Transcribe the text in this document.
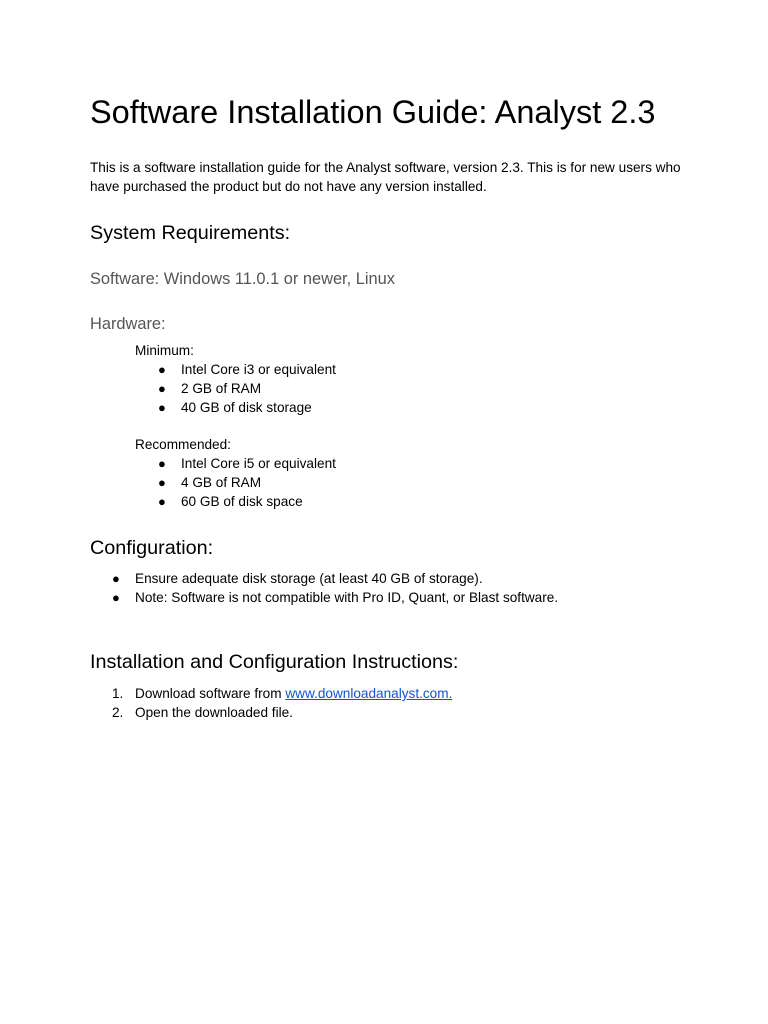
Software Installation Guide: Analyst 2.3

This is a software installation guide for the Analyst software, version 2.3. This is for new users who have purchased the product but do not have any version installed.

System Requirements:
Software: Windows 11.0.1 or newer, Linux
Hardware:

Minimum:

● Intel Core i3 or equivalent
● 2 GB of RAM
● 40 GB of disk storage

Recommended:

● Intel Core i5 or equivalent
● 4 GB of RAM
● 60 GB of disk space
Configuration:
● Ensure adequate disk storage (at least 40 GB of storage).
● Note: Software is not compatible with Pro ID, Quant, or Blast software.
Installation and Configuration Instructions:
1. Download software from www.downloadanalyst.com.
2. Open the downloaded file.
